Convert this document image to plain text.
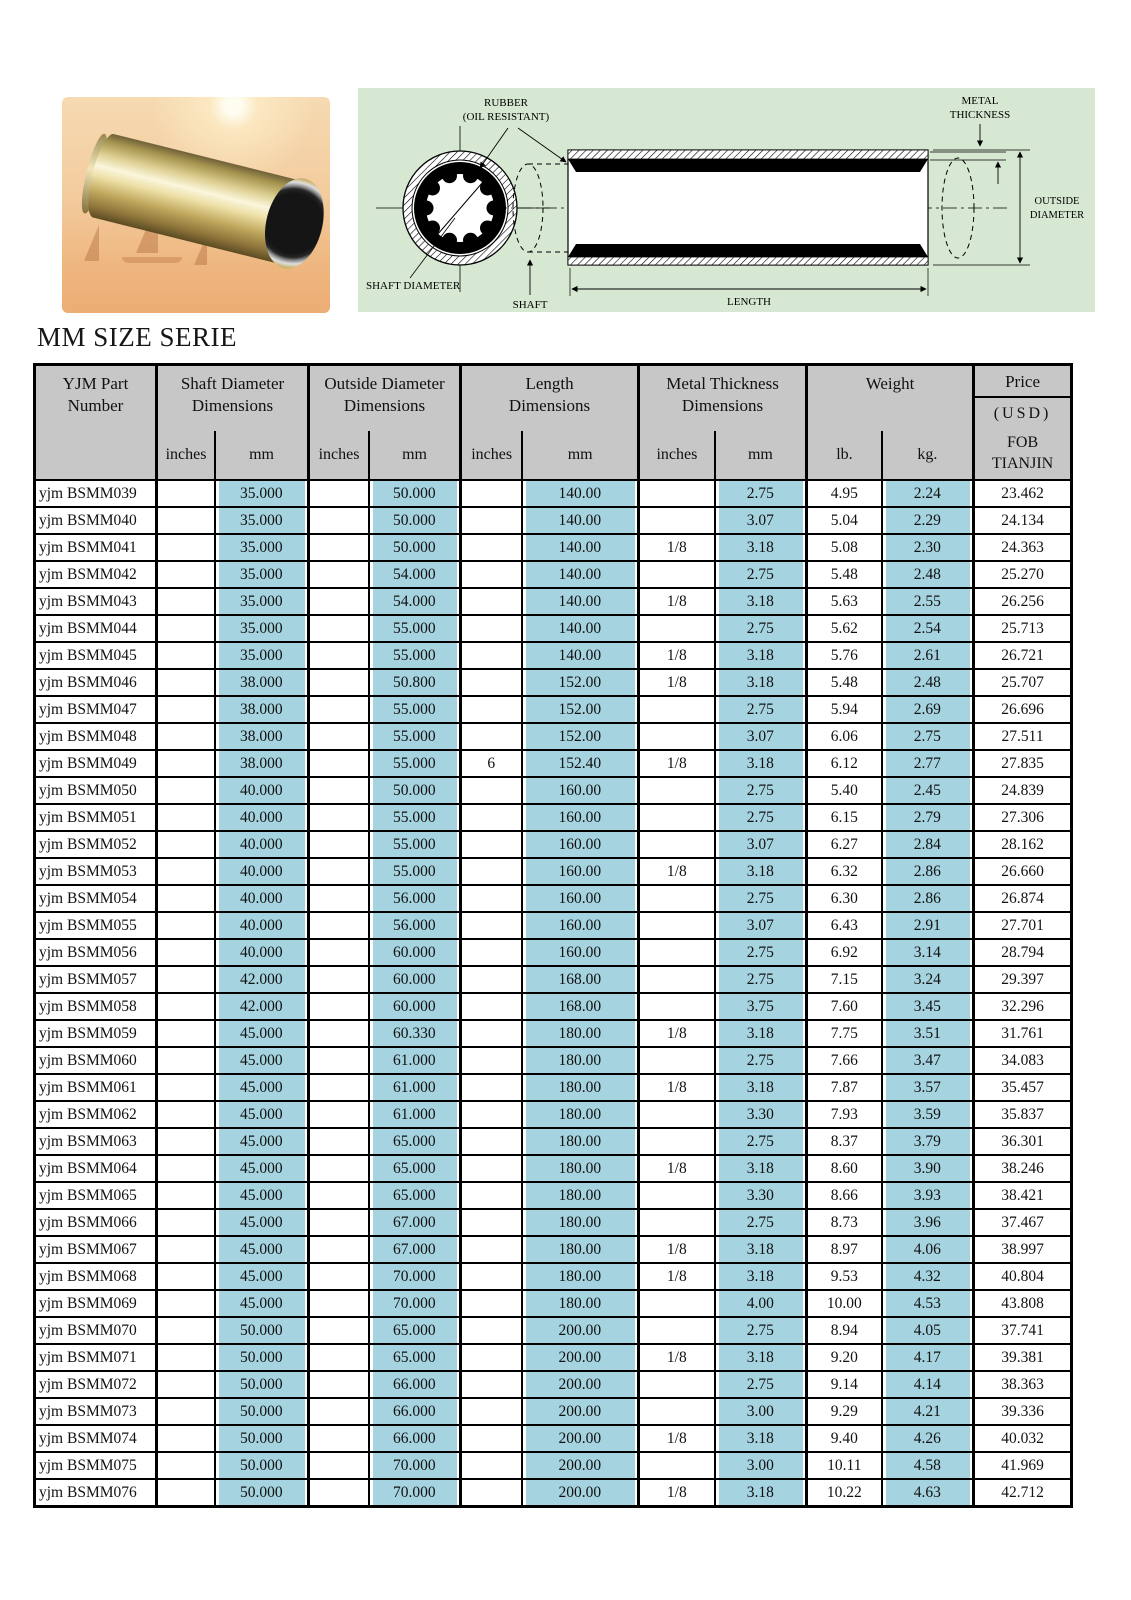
RUBBER
(OIL RESISTANT)
METAL
THICKNESS
OUTSIDE
DIAMETER
LENGTH
SHAFT
SHAFT DIAMETER
MM SIZE SERIE
YJM Part
Number

Shaft Diameter
Dimensions
inches	mm

Outside Diameter
Dimensions
inches	mm

Length
Dimensions
inches	mm

Metal Thickness
Dimensions
inches	mm

Weight
lb.	kg.

Price
(USD)
FOB
TIANJIN

yjm BSMM039		35.000		50.000		140.00		2.75	4.95	2.24	23.462
yjm BSMM040		35.000		50.000		140.00		3.07	5.04	2.29	24.134
yjm BSMM041		35.000		50.000		140.00	1/8	3.18	5.08	2.30	24.363
yjm BSMM042		35.000		54.000		140.00		2.75	5.48	2.48	25.270
yjm BSMM043		35.000		54.000		140.00	1/8	3.18	5.63	2.55	26.256
yjm BSMM044		35.000		55.000		140.00		2.75	5.62	2.54	25.713
yjm BSMM045		35.000		55.000		140.00	1/8	3.18	5.76	2.61	26.721
yjm BSMM046		38.000		50.800		152.00	1/8	3.18	5.48	2.48	25.707
yjm BSMM047		38.000		55.000		152.00		2.75	5.94	2.69	26.696
yjm BSMM048		38.000		55.000		152.00		3.07	6.06	2.75	27.511
yjm BSMM049		38.000		55.000	6	152.40	1/8	3.18	6.12	2.77	27.835
yjm BSMM050		40.000		50.000		160.00		2.75	5.40	2.45	24.839
yjm BSMM051		40.000		55.000		160.00		2.75	6.15	2.79	27.306
yjm BSMM052		40.000		55.000		160.00		3.07	6.27	2.84	28.162
yjm BSMM053		40.000		55.000		160.00	1/8	3.18	6.32	2.86	26.660
yjm BSMM054		40.000		56.000		160.00		2.75	6.30	2.86	26.874
yjm BSMM055		40.000		56.000		160.00		3.07	6.43	2.91	27.701
yjm BSMM056		40.000		60.000		160.00		2.75	6.92	3.14	28.794
yjm BSMM057		42.000		60.000		168.00		2.75	7.15	3.24	29.397
yjm BSMM058		42.000		60.000		168.00		3.75	7.60	3.45	32.296
yjm BSMM059		45.000		60.330		180.00	1/8	3.18	7.75	3.51	31.761
yjm BSMM060		45.000		61.000		180.00		2.75	7.66	3.47	34.083
yjm BSMM061		45.000		61.000		180.00	1/8	3.18	7.87	3.57	35.457
yjm BSMM062		45.000		61.000		180.00		3.30	7.93	3.59	35.837
yjm BSMM063		45.000		65.000		180.00		2.75	8.37	3.79	36.301
yjm BSMM064		45.000		65.000		180.00	1/8	3.18	8.60	3.90	38.246
yjm BSMM065		45.000		65.000		180.00		3.30	8.66	3.93	38.421
yjm BSMM066		45.000		67.000		180.00		2.75	8.73	3.96	37.467
yjm BSMM067		45.000		67.000		180.00	1/8	3.18	8.97	4.06	38.997
yjm BSMM068		45.000		70.000		180.00	1/8	3.18	9.53	4.32	40.804
yjm BSMM069		45.000		70.000		180.00		4.00	10.00	4.53	43.808
yjm BSMM070		50.000		65.000		200.00		2.75	8.94	4.05	37.741
yjm BSMM071		50.000		65.000		200.00	1/8	3.18	9.20	4.17	39.381
yjm BSMM072		50.000		66.000		200.00		2.75	9.14	4.14	38.363
yjm BSMM073		50.000		66.000		200.00		3.00	9.29	4.21	39.336
yjm BSMM074		50.000		66.000		200.00	1/8	3.18	9.40	4.26	40.032
yjm BSMM075		50.000		70.000		200.00		3.00	10.11	4.58	41.969
yjm BSMM076		50.000		70.000		200.00	1/8	3.18	10.22	4.63	42.712
